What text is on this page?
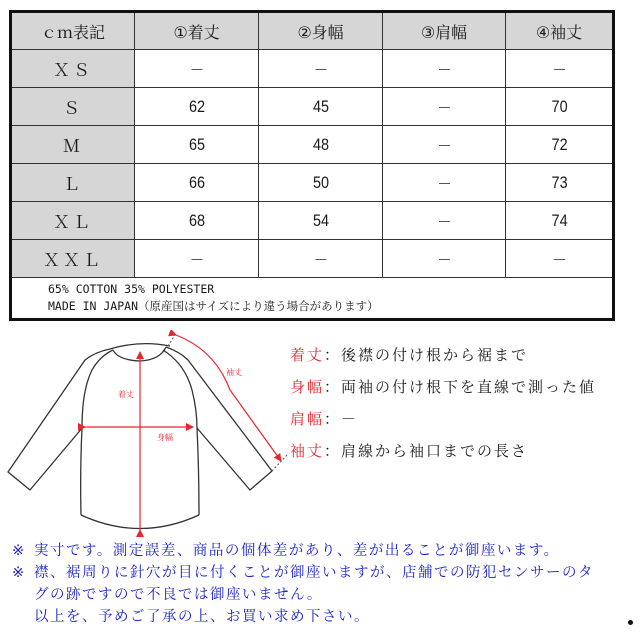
ｃｍ表記	①着丈	②身幅	③肩幅	④袖丈
ＸＳ	－	－	－	－
Ｓ	62	45	－	70
Ｍ	65	48	－	72
Ｌ	66	50	－	73
ＸＬ	68	54	－	74
ＸＸＬ	－	－	－	－

65% COTTON 35% POLYESTER
MADE IN JAPAN（原産国はサイズにより違う場合があります）				
着丈
身幅
袖丈
着丈：後襟の付け根から裾まで
身幅：両袖の付け根下を直線で測った値
肩幅：－
袖丈：肩線から袖口までの長さ
※ 実寸です。測定誤差、商品の個体差があり、差が出ることが御座います。
※ 襟、裾周りに針穴が目に付くことが御座いますが、店舗での防犯センサーのタ
グの跡ですので不良では御座いません。
以上を、予めご了承の上、お買い求め下さい。
